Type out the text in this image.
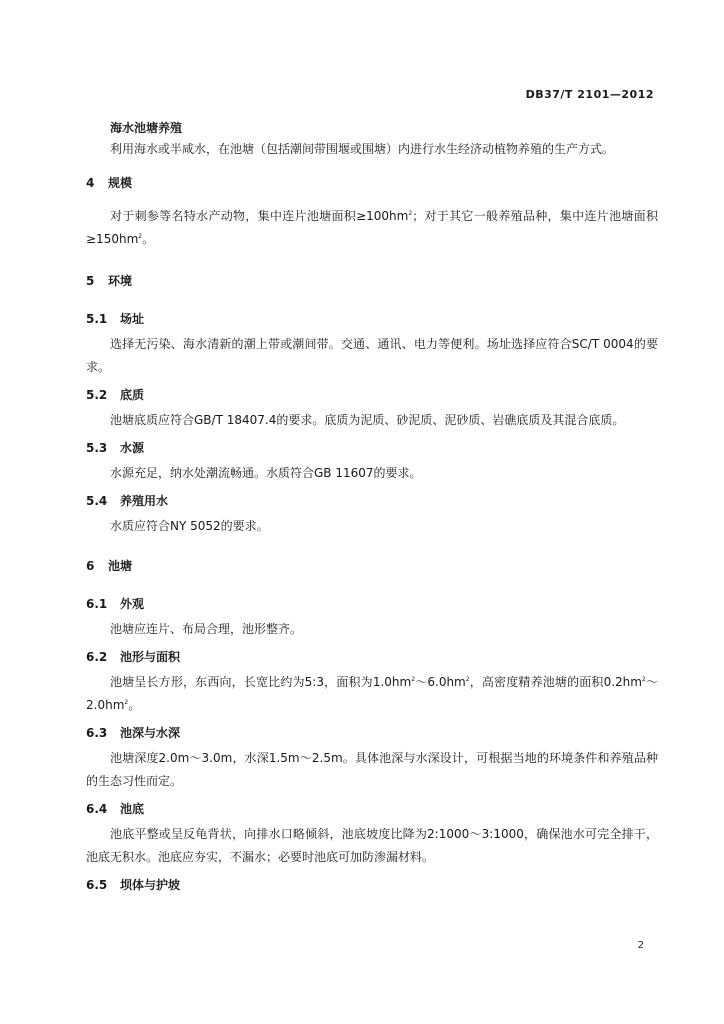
DB37/T 2101—2012
海水池塘养殖

利用海水或半咸水，在池塘（包括潮间带围堰或围塘）内进行水生经济动植物养殖的生产方式。

4 规模

对于刺参等名特水产动物，集中连片池塘面积$\ge 100hm^2$；对于其它一般养殖品种，集中连片池塘面积$\ge 150hm^2$。

5 环境
5.1 场址

选择无污染、海水清新的潮上带或潮间带。交通、通讯、电力等便利。场址选择应符合SC/T 0004的要求。

5.2 底质

池塘底质应符合GB/T 18407.4的要求。底质为泥质、砂泥质、泥砂质、岩礁底质及其混合底质。

5.3 水源

水源充足，纳水处潮流畅通。水质符合GB 11607的要求。

5.4 养殖用水

水质应符合NY 5052的要求。

6 池塘
6.1 外观

池塘应连片、布局合理，池形整齐。

6.2 池形与面积

池塘呈长方形，东西向，长宽比约为5:3，面积为$1.0hm^2\sim 6.0hm^2$，高密度精养池塘的面积$0.2hm^2\sim 2.0hm^2$。

6.3 池深与水深

池塘深度2.0m～3.0m，水深1.5m～2.5m。具体池深与水深设计，可根据当地的环境条件和养殖品种的生态习性而定。

6.4 池底

池底平整或呈反龟背状，向排水口略倾斜，池底坡度比降为2:1000～3:1000，确保池水可完全排干，池底无积水。池底应夯实，不漏水；必要时池底可加防渗漏材料。

6.5 坝体与护坡
2
